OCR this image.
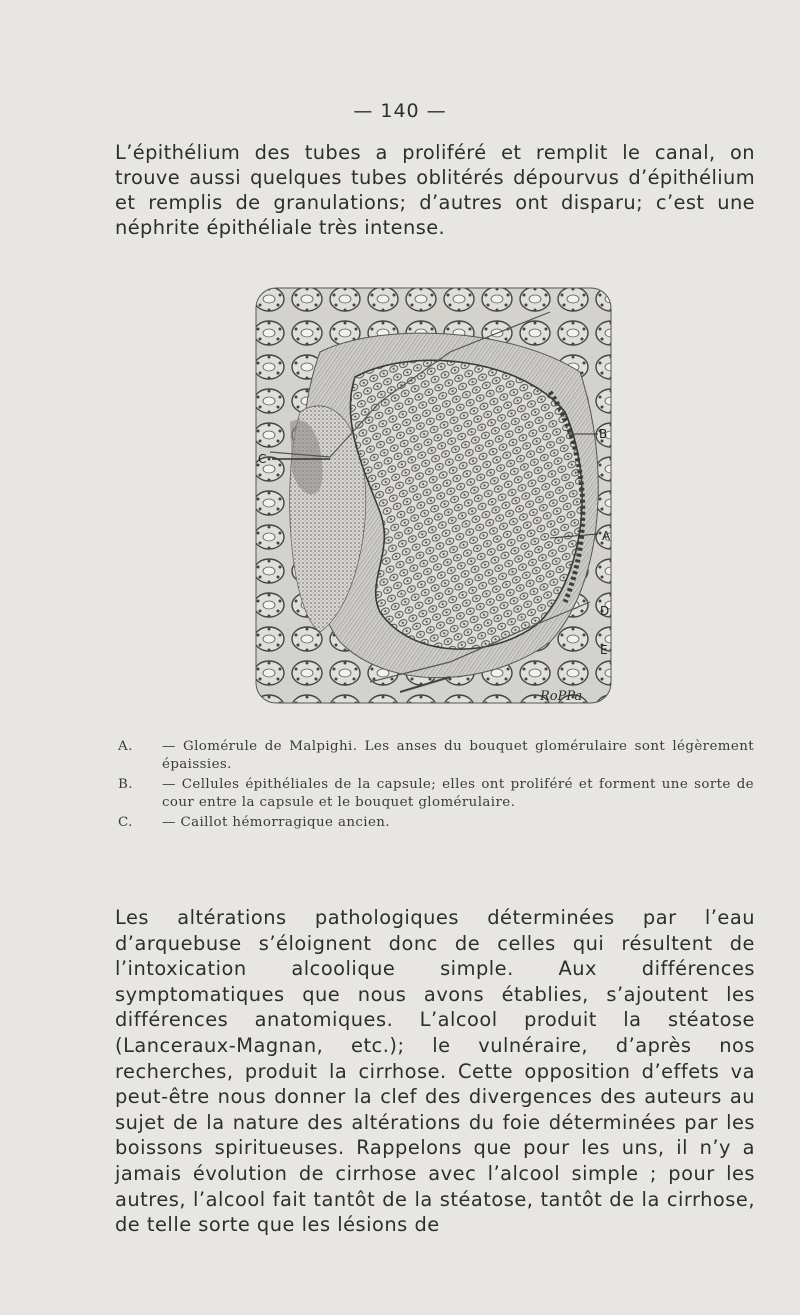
— 140 —

L’épithélium des tubes a proliféré et remplit le canal, on trouve aussi quelques tubes oblitérés dépourvus d’épithélium et remplis de granulations; d’autres ont disparu; c’est une néphrite épithéliale très intense.

A
B
C
D
E
RoPPa
A.	— Glomérule de Malpighi. Les anses du bouquet glomérulaire sont légèrement épaissies.
B.	— Cellules épithéliales de la capsule; elles ont proliféré et forment une sorte de cour entre la capsule et le bouquet glomérulaire.
C.	— Caillot hémorragique ancien.

Les altérations pathologiques déterminées par l’eau d’arquebuse s’éloignent donc de celles qui résultent de l’intoxication alcoolique simple. Aux différences symptomatiques que nous avons établies, s’ajoutent les différences anatomiques. L’alcool produit la stéatose (Lanceraux-Magnan, etc.); le vulnéraire, d’après nos recherches, produit la cirrhose. Cette opposition d’effets va peut-être nous donner la clef des divergences des auteurs au sujet de la nature des altérations du foie déterminées par les boissons spiritueuses. Rappelons que pour les uns, il n’y a jamais évolution de cirrhose avec l’alcool simple ; pour les autres, l’alcool fait tantôt de la stéatose, tantôt de la cirrhose, de telle sorte que les lésions de
